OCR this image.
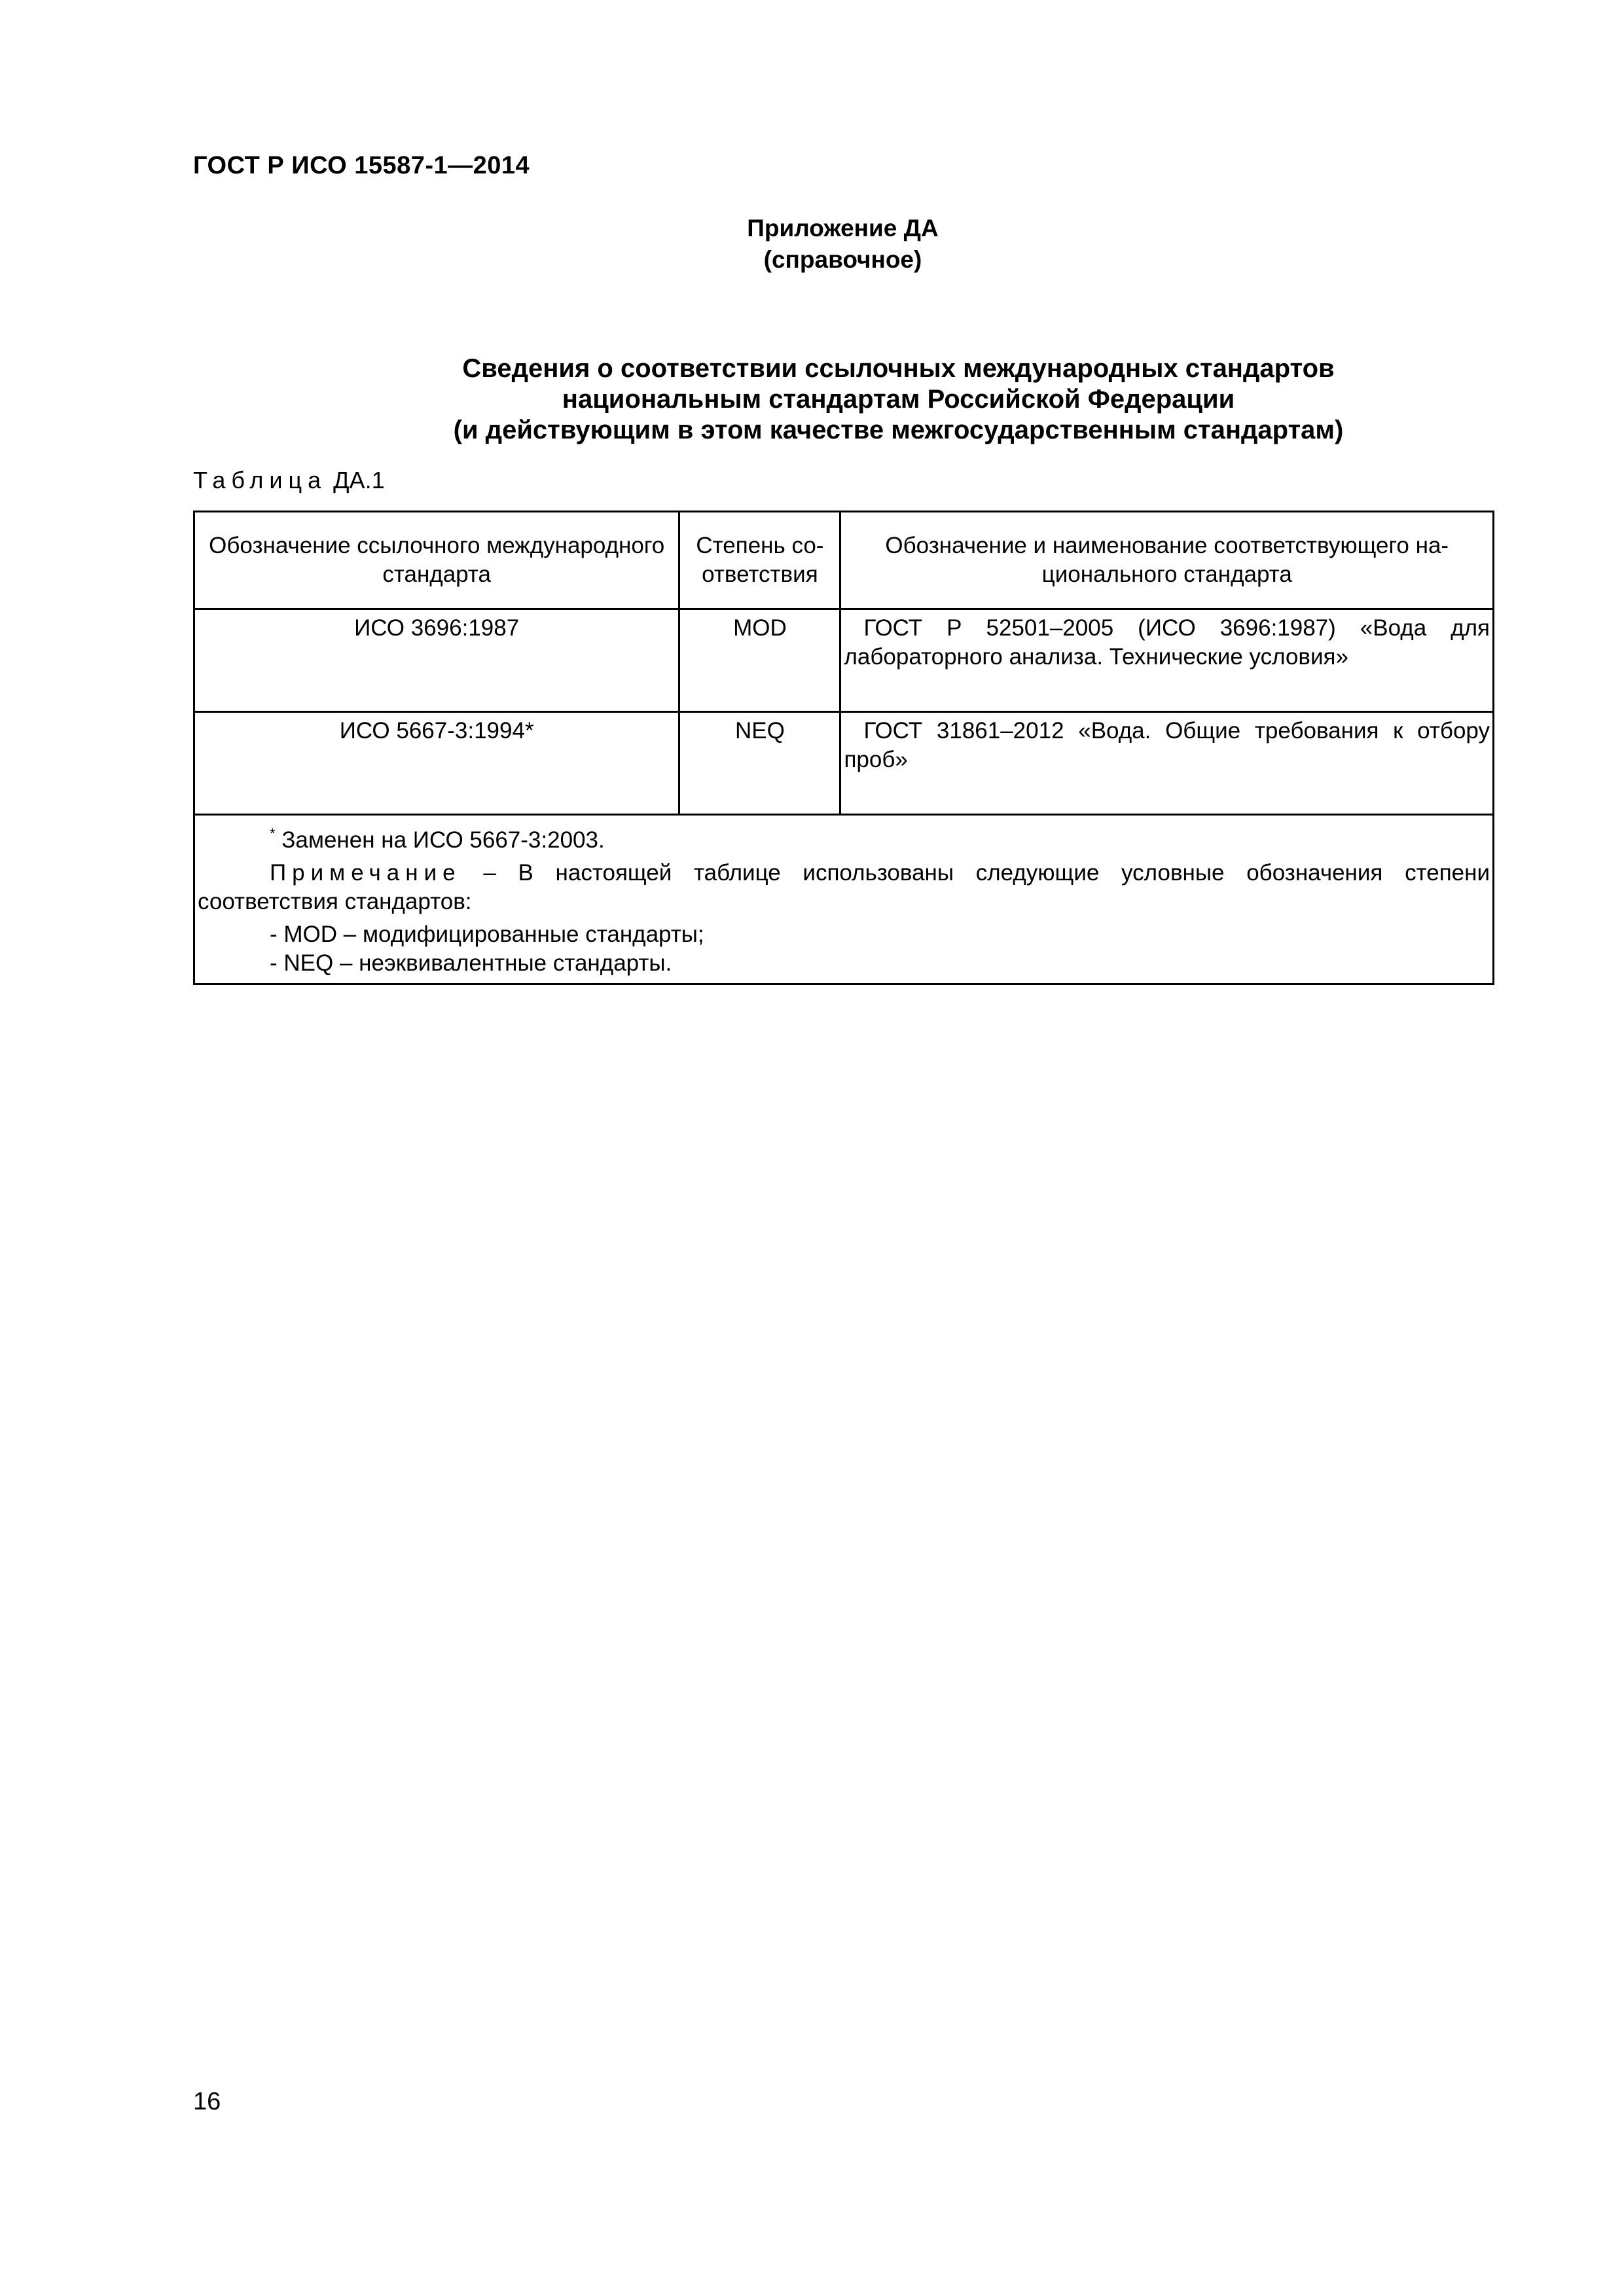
ГОСТ Р ИСО 15587-1—2014
Приложение ДА
(справочное)
Сведения о соответствии ссылочных международных стандартов
национальным стандартам Российской Федерации
(и действующим в этом качестве межгосударственным стандартам)
Таблица ДА.1
Обозначение ссылочного международного стандарта	Степень со-ответствия	Обозначение и наименование соответствующего на-ционального стандарта
ИСО 3696:1987	MOD	ГОСТ Р 52501–2005 (ИСО 3696:1987) «Вода для лабораторного анализа. Технические условия»
ИСО 5667-3:1994*	NEQ	ГОСТ 31861–2012 «Вода. Общие требования к отбору проб»

* Заменен на ИСО 5667-3:2003.

Примечание – В настоящей таблице использованы следующие условные обозначения степени соответствия стандартов:

- MOD – модифицированные стандарты;

- NEQ – неэквивалентные стандарты.		

16
